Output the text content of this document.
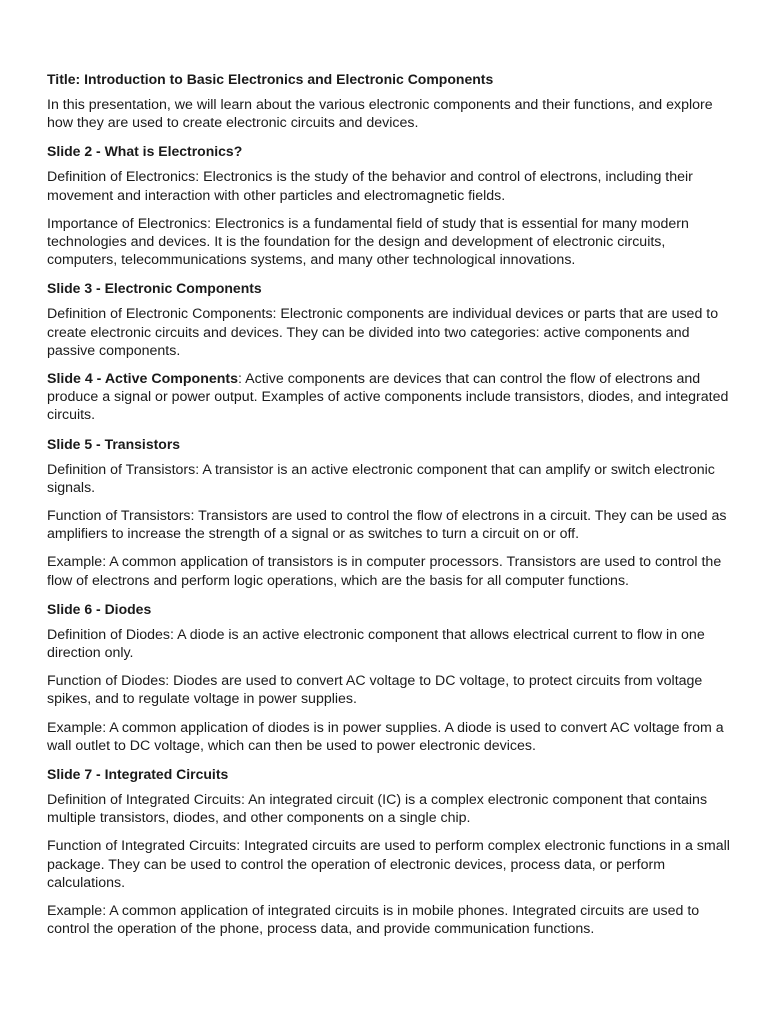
Title: Introduction to Basic Electronics and Electronic Components

In this presentation, we will learn about the various electronic components and their functions, and explore how they are used to create electronic circuits and devices.

Slide 2 - What is Electronics?

Definition of Electronics: Electronics is the study of the behavior and control of electrons, including their movement and interaction with other particles and electromagnetic fields.

Importance of Electronics: Electronics is a fundamental field of study that is essential for many modern technologies and devices. It is the foundation for the design and development of electronic circuits, computers, telecommunications systems, and many other technological innovations.

Slide 3 - Electronic Components

Definition of Electronic Components: Electronic components are individual devices or parts that are used to create electronic circuits and devices. They can be divided into two categories: active components and passive components.

Slide 4 - Active Components: Active components are devices that can control the flow of electrons and produce a signal or power output. Examples of active components include transistors, diodes, and integrated circuits.

Slide 5 - Transistors

Definition of Transistors: A transistor is an active electronic component that can amplify or switch electronic signals.

Function of Transistors: Transistors are used to control the flow of electrons in a circuit. They can be used as amplifiers to increase the strength of a signal or as switches to turn a circuit on or off.

Example: A common application of transistors is in computer processors. Transistors are used to control the flow of electrons and perform logic operations, which are the basis for all computer functions.

Slide 6 - Diodes

Definition of Diodes: A diode is an active electronic component that allows electrical current to flow in one direction only.

Function of Diodes: Diodes are used to convert AC voltage to DC voltage, to protect circuits from voltage spikes, and to regulate voltage in power supplies.

Example: A common application of diodes is in power supplies. A diode is used to convert AC voltage from a wall outlet to DC voltage, which can then be used to power electronic devices.

Slide 7 - Integrated Circuits

Definition of Integrated Circuits: An integrated circuit (IC) is a complex electronic component that contains multiple transistors, diodes, and other components on a single chip.

Function of Integrated Circuits: Integrated circuits are used to perform complex electronic functions in a small package. They can be used to control the operation of electronic devices, process data, or perform calculations.

Example: A common application of integrated circuits is in mobile phones. Integrated circuits are used to control the operation of the phone, process data, and provide communication functions.
